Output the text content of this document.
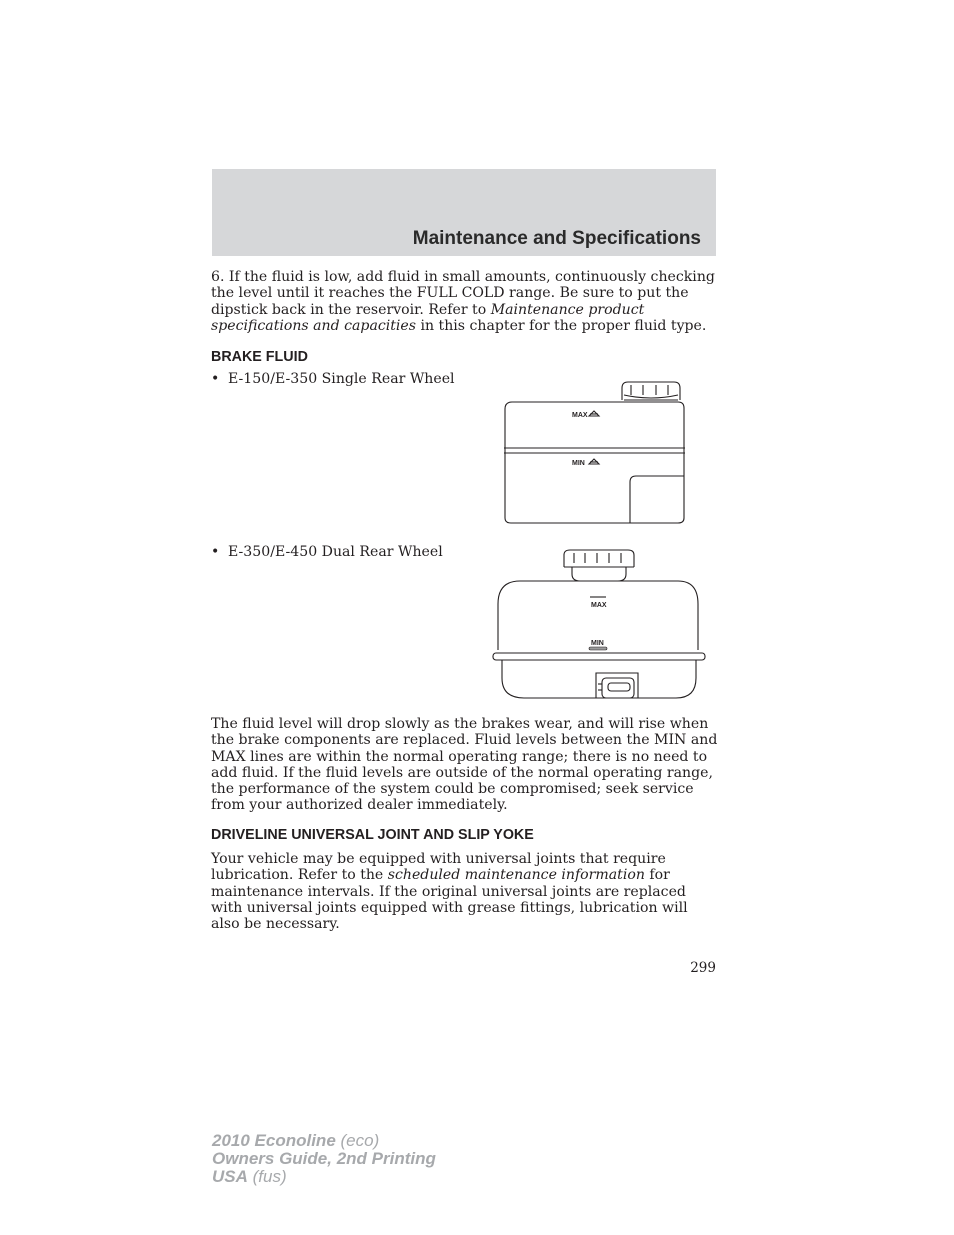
Maintenance and Specifications

6. If the fluid is low, add fluid in small amounts, continuously checking the level until it reaches the FULL COLD range. Be sure to put the dipstick back in the reservoir. Refer to Maintenance product specifications and capacities in this chapter for the proper fluid type.

BRAKE FLUID
• E-150/E-350 Single Rear Wheel
MAX
MIN
• E-350/E-450 Dual Rear Wheel
MAX
MIN

The fluid level will drop slowly as the brakes wear, and will rise when the brake components are replaced. Fluid levels between the MIN and MAX lines are within the normal operating range; there is no need to add fluid. If the fluid levels are outside of the normal operating range, the performance of the system could be compromised; seek service from your authorized dealer immediately.

DRIVELINE UNIVERSAL JOINT AND SLIP YOKE

Your vehicle may be equipped with universal joints that require lubrication. Refer to the scheduled maintenance information for maintenance intervals. If the original universal joints are replaced with universal joints equipped with grease fittings, lubrication will also be necessary.

299
2010 Econoline (eco)
Owners Guide, 2nd Printing
USA (fus)
